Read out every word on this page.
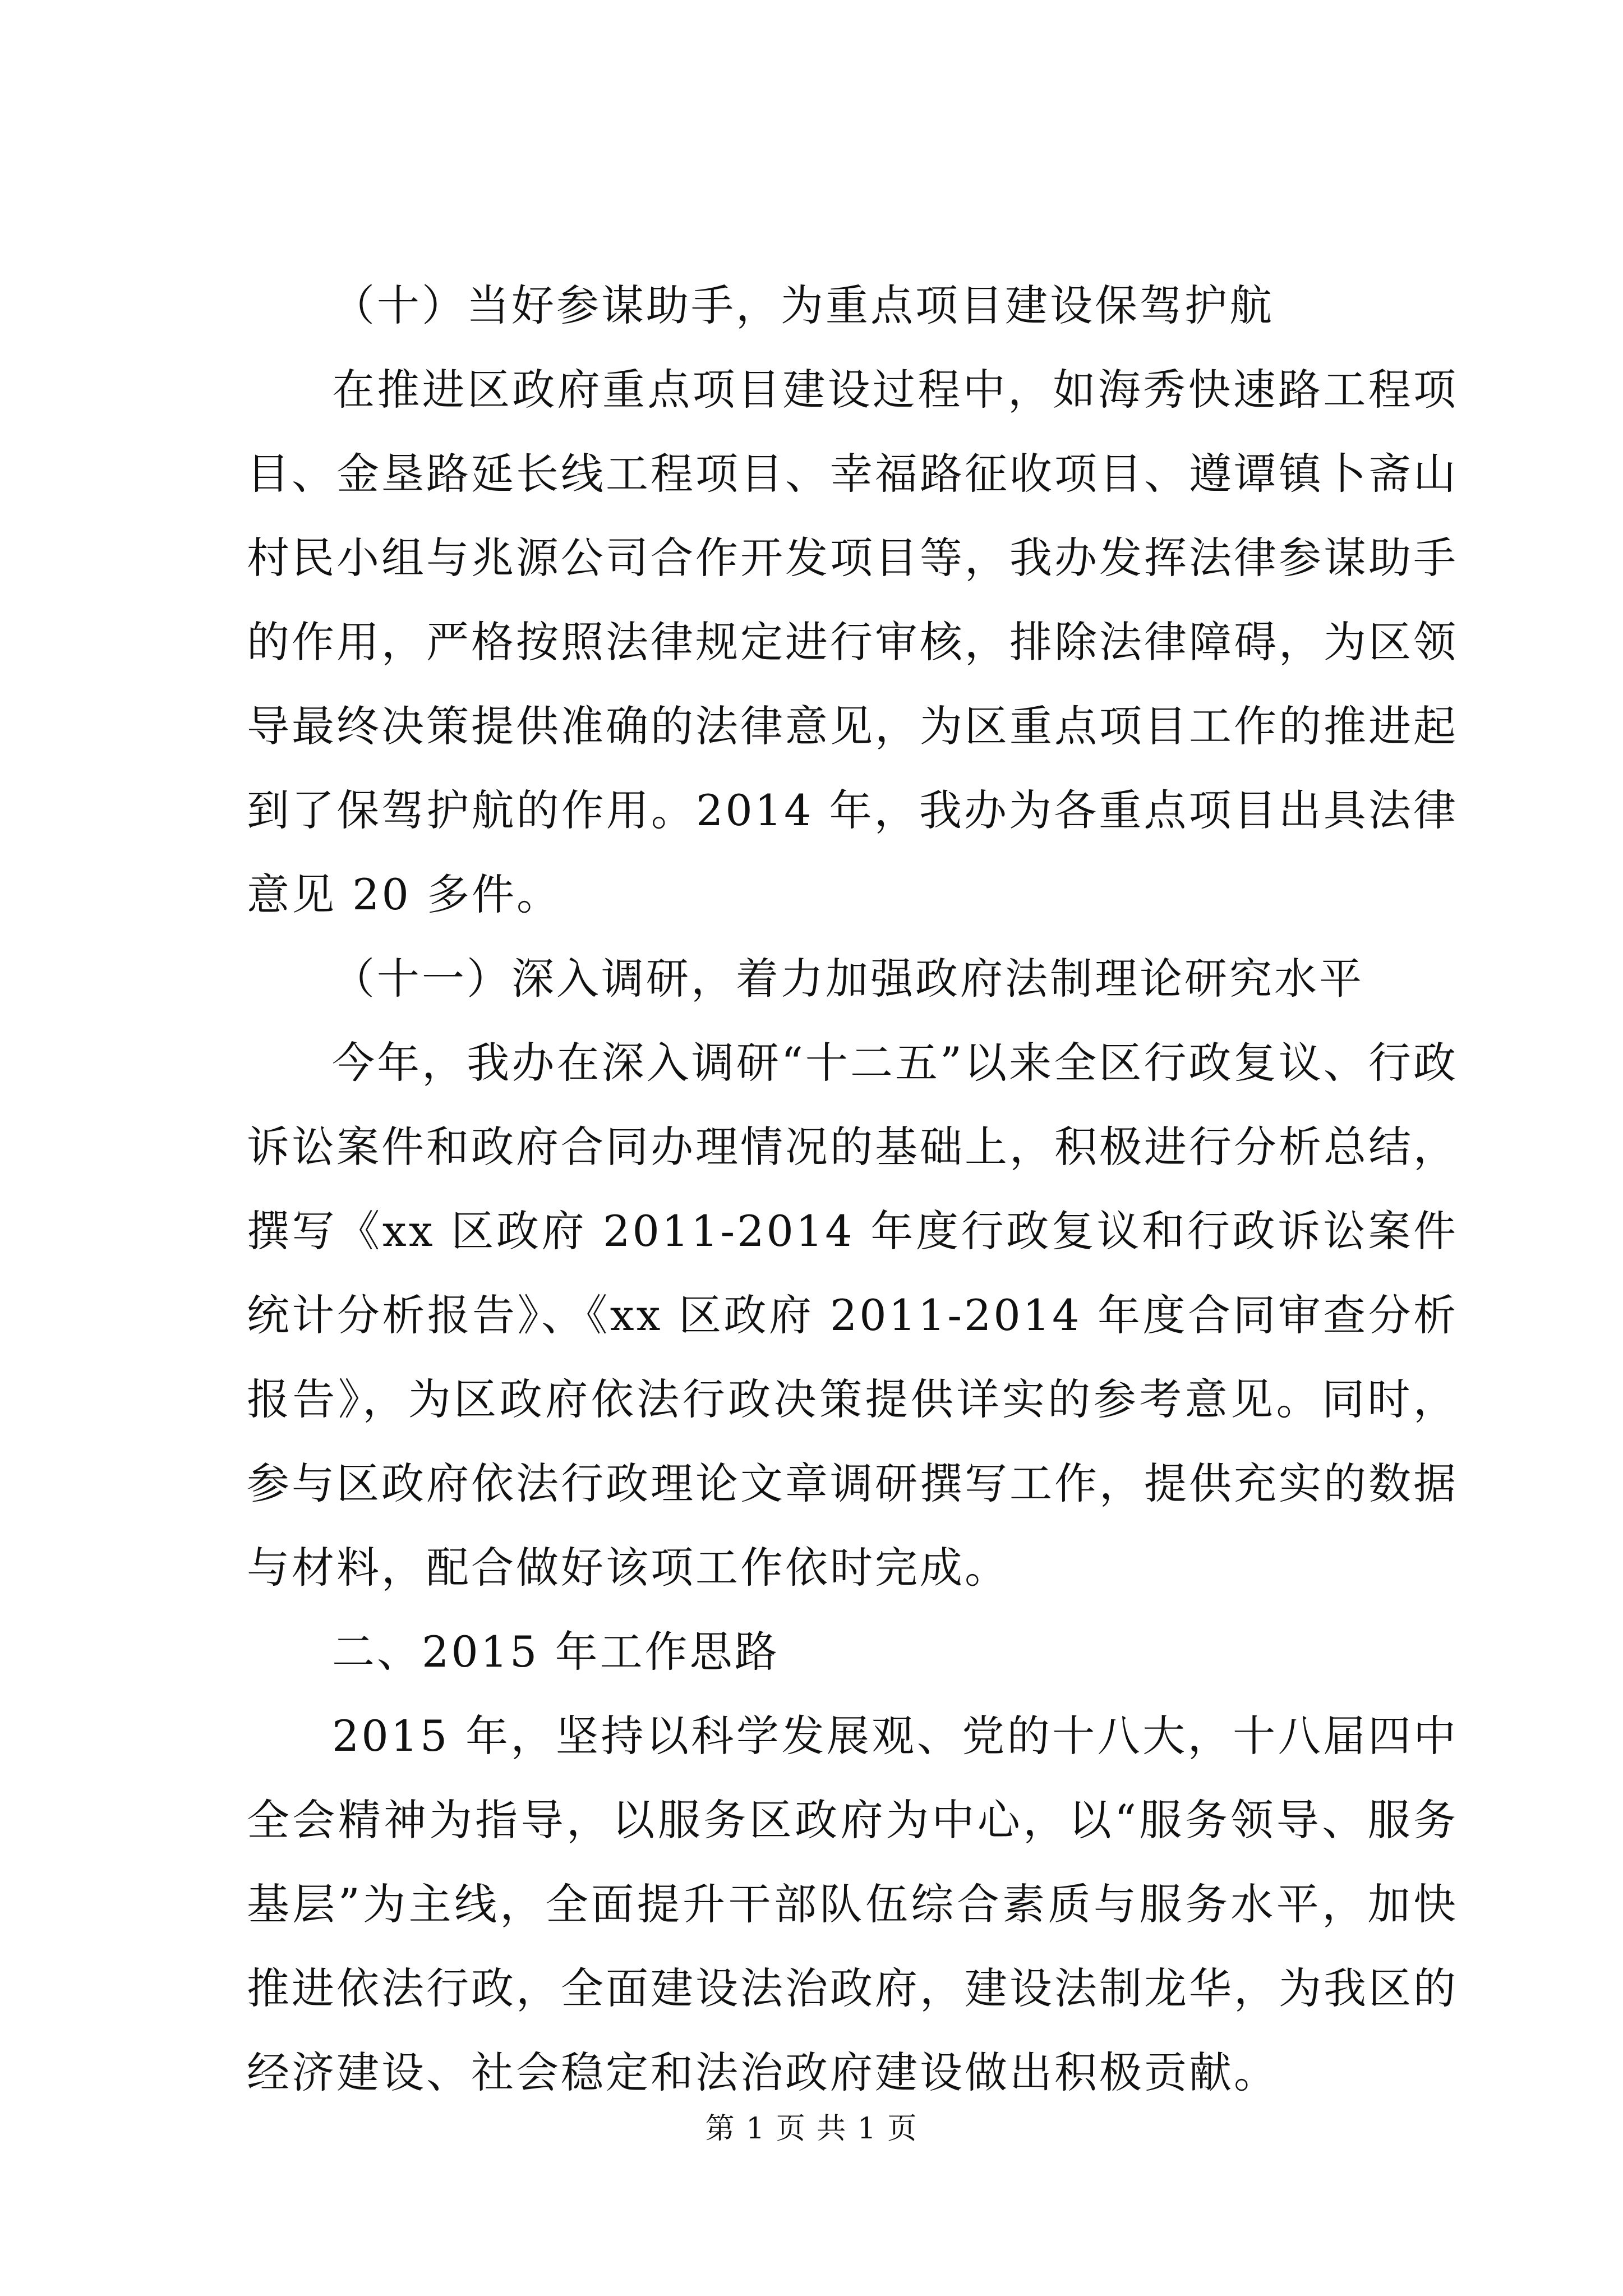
（十）当好参谋助手，为重点项目建设保驾护航

在推进区政府重点项目建设过程中，如海秀快速路工程项目、金垦路延长线工程项目、幸福路征收项目、遵谭镇卜斋山村民小组与兆源公司合作开发项目等，我办发挥法律参谋助手的作用，严格按照法律规定进行审核，排除法律障碍，为区领导最终决策提供准确的法律意见，为区重点项目工作的推进起到了保驾护航的作用。2014 年，我办为各重点项目出具法律意见 20 多件。

（十一）深入调研，着力加强政府法制理论研究水平

今年，我办在深入调研“十二五”以来全区行政复议、行政诉讼案件和政府合同办理情况的基础上，积极进行分析总结，撰写《xx 区政府 2011-2014 年度行政复议和行政诉讼案件统计分析报告》、《xx 区政府 2011-2014 年度合同审查分析报告》，为区政府依法行政决策提供详实的参考意见。同时，参与区政府依法行政理论文章调研撰写工作，提供充实的数据与材料，配合做好该项工作依时完成。

二、2015 年工作思路

2015 年，坚持以科学发展观、党的十八大，十八届四中全会精神为指导，以服务区政府为中心，以“服务领导、服务基层”为主线，全面提升干部队伍综合素质与服务水平，加快推进依法行政，全面建设法治政府，建设法制龙华，为我区的经济建设、社会稳定和法治政府建设做出积极贡献。

第 1 页 共 1 页
